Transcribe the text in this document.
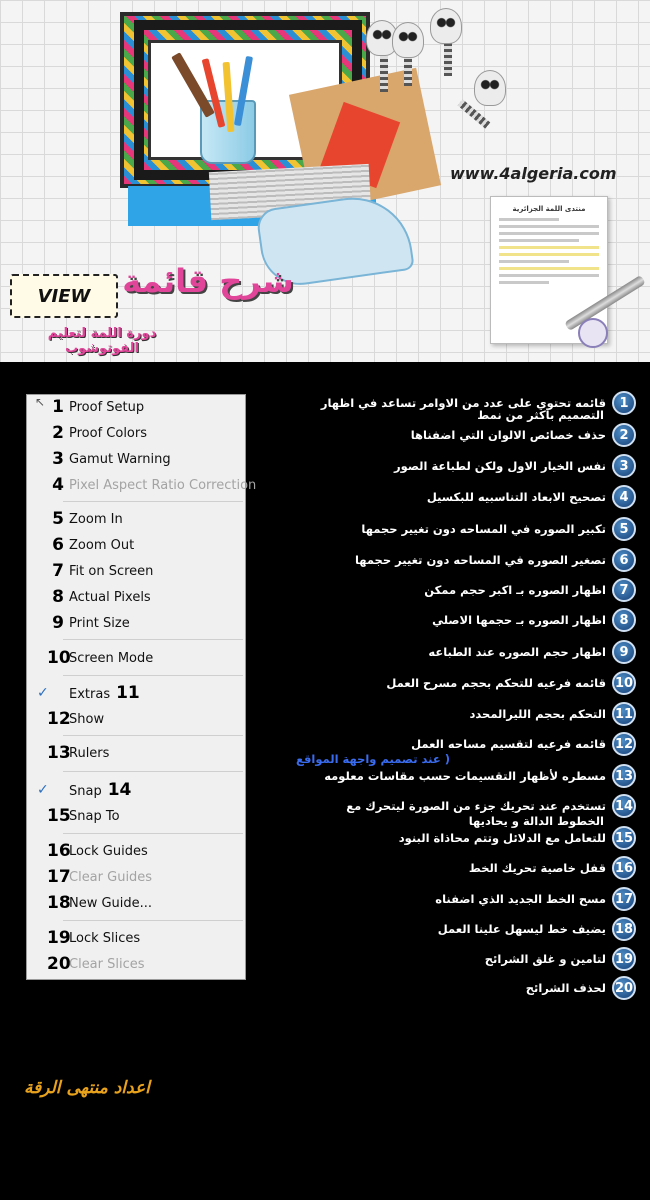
www.4algeria.com
منتدى اللمة الجزائرية
VIEW شرح قائمة
دورة اللمة لتعليم الفوتوشوب
↖ 1 Proof Setup
2 Proof Colors
3 Gamut Warning
4 Pixel Aspect Ratio Correction
5 Zoom In
6 Zoom Out
7 Fit on Screen
8 Actual Pixels
9 Print Size
10
Screen Mode
✓ Extras 11
12
Show
13
Rulers
✓ Snap 14
15
Snap To
16
Lock Guides
17
Clear Guides
18
New Guide...
19
Lock Slices
20
Clear Slices
1
قائمه تحتوي على عدد من الاوامر تساعد في اظهار
التصميم باكثر من نمط
2
حذف خصائص الالوان التي اضفناها
3
نفس الخيار الاول ولكن لطباعة الصور
4
تصحيح الابعاد التناسبيه للبكسيل
5
تكبير الصوره في المساحه دون تغيير حجمها
6
تصغير الصوره في المساحه دون تغيير حجمها
7
اظهار الصوره بـ اكبر حجم ممكن
8
اظهار الصوره بـ حجمها الاصلي
9
اظهار حجم الصوره عند الطباعه
10
قائمه فرعيه للتحكم بحجم مسرح العمل
11
التحكم بحجم الليرالمحدد
12
قائمه فرعيه لتقسيم مساحه العمل
( عند تصميم واجهة المواقع
13
مسطره لأظهار التقسيمات حسب مقاسات معلومه
14
تستخدم عند تحريك جزء من الصورة ليتحرك مع
الخطوط الدالة و يحاديها
15
للتعامل مع الدلائل وتتم محاذاة البنود
16
قفل خاصية تحريك الخط
17
مسح الخط الجديد الذي اضفناه
18
يضيف خط ليسهل علينا العمل
19
لتامين و غلق الشرائح
20
لحذف الشرائح
اعداد منتهى الرقة
